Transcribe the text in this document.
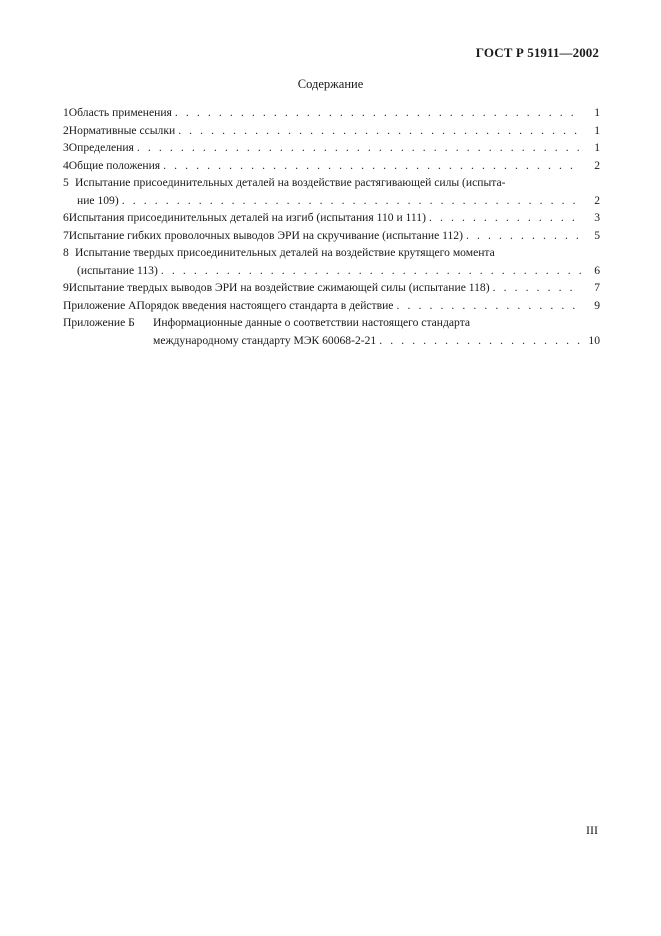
ГОСТ Р 51911—2002
Содержание
1 Область применения . . .	1
2 Нормативные ссылки . . .	1
3 Определения . . .	1
4 Общие положения . . .	2
5 Испытание присоединительных деталей на воздействие растягивающей силы (испыта-
ние 109) . . .	2
6 Испытания присоединительных деталей на изгиб (испытания 110 и 111) . . .	3
7 Испытание гибких проволочных выводов ЭРИ на скручивание (испытание 112) . . .	5
8 Испытание твердых присоединительных деталей на воздействие крутящего момента
(испытание 113) . . .	6
9 Испытание твердых выводов ЭРИ на воздействие сжимающей силы (испытание 118) . . .	7
Приложение А Порядок введения настоящего стандарта в действие . . .	9
Приложение Б	Информационные данные о соответствии настоящего стандарта
международному стандарту МЭК 60068-2-21 . . .	10
III
